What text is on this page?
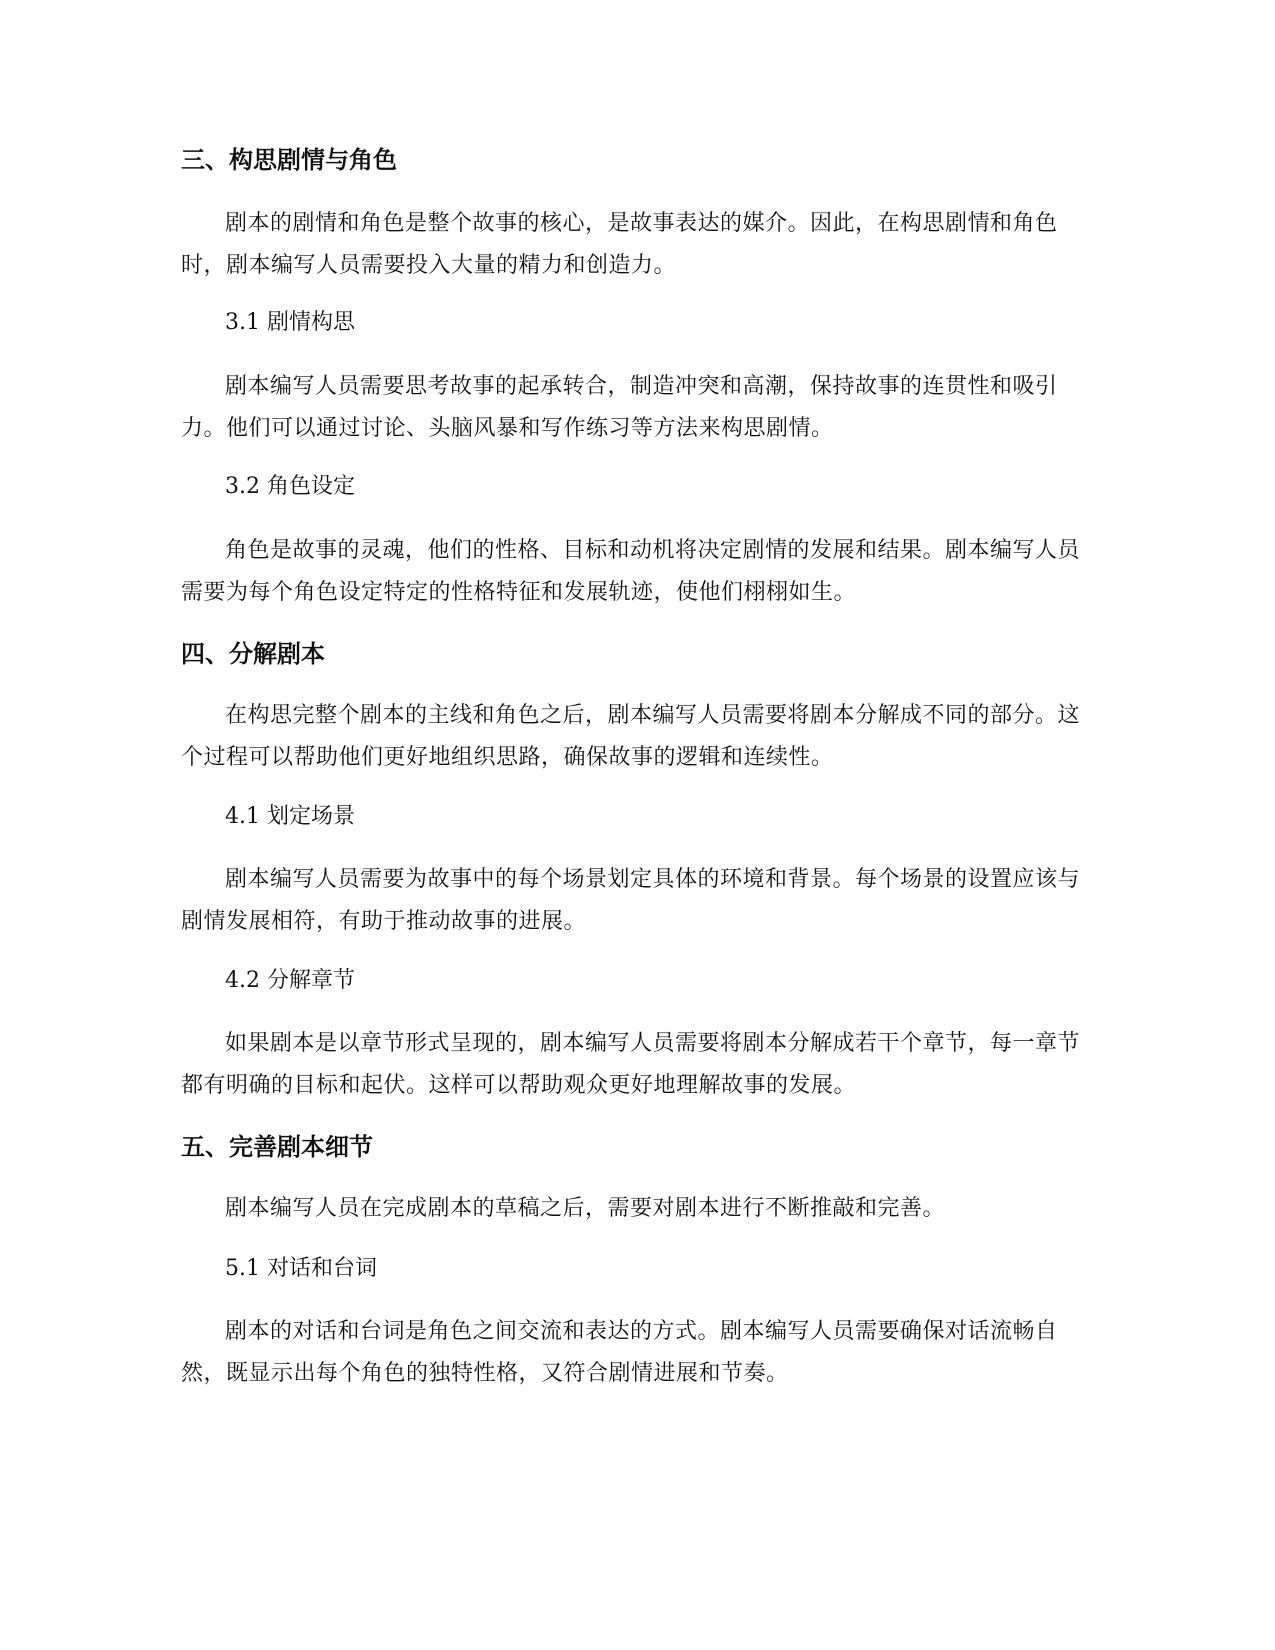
三、构思剧情与角色

剧本的剧情和角色是整个故事的核心，是故事表达的媒介。因此，在构思剧情和角色时，剧本编写人员需要投入大量的精力和创造力。

3.1 剧情构思

剧本编写人员需要思考故事的起承转合，制造冲突和高潮，保持故事的连贯性和吸引力。他们可以通过讨论、头脑风暴和写作练习等方法来构思剧情。

3.2 角色设定

角色是故事的灵魂，他们的性格、目标和动机将决定剧情的发展和结果。剧本编写人员需要为每个角色设定特定的性格特征和发展轨迹，使他们栩栩如生。

四、分解剧本

在构思完整个剧本的主线和角色之后，剧本编写人员需要将剧本分解成不同的部分。这个过程可以帮助他们更好地组织思路，确保故事的逻辑和连续性。

4.1 划定场景

剧本编写人员需要为故事中的每个场景划定具体的环境和背景。每个场景的设置应该与剧情发展相符，有助于推动故事的进展。

4.2 分解章节

如果剧本是以章节形式呈现的，剧本编写人员需要将剧本分解成若干个章节，每一章节都有明确的目标和起伏。这样可以帮助观众更好地理解故事的发展。

五、完善剧本细节

剧本编写人员在完成剧本的草稿之后，需要对剧本进行不断推敲和完善。

5.1 对话和台词

剧本的对话和台词是角色之间交流和表达的方式。剧本编写人员需要确保对话流畅自然，既显示出每个角色的独特性格，又符合剧情进展和节奏。
